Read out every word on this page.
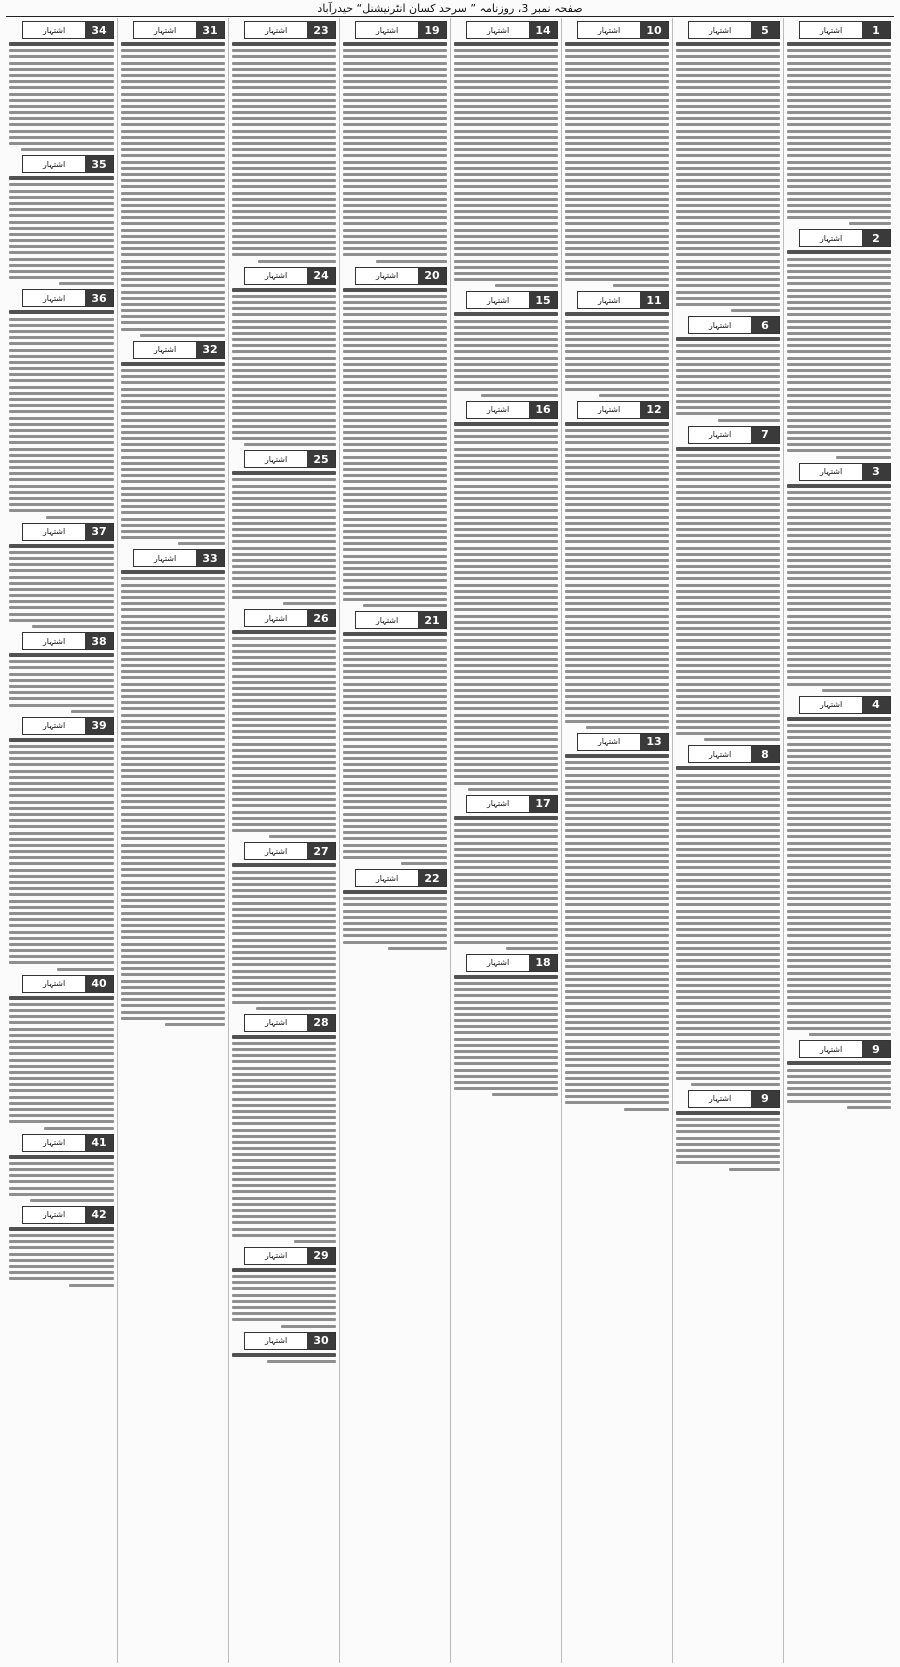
صفحہ نمبر 3، روزنامہ ” سرحد کسان انٹرنیشنل“ حیدرآباد
1
اشتہار
2
اشتہار
3
اشتہار
4
اشتہار
9
اشتہار
5
اشتہار
6
اشتہار
7
اشتہار
8
اشتہار
9
اشتہار
10
اشتہار
11
اشتہار
12
اشتہار
13
اشتہار
14
اشتہار
15
اشتہار
16
اشتہار
17
اشتہار
18
اشتہار
19
اشتہار
20
اشتہار
21
اشتہار
22
اشتہار
23
اشتہار
24
اشتہار
25
اشتہار
26
اشتہار
27
اشتہار
28
اشتہار
29
اشتہار
30
اشتہار
31
اشتہار
32
اشتہار
33
اشتہار
34
اشتہار
35
اشتہار
36
اشتہار
37
اشتہار
38
اشتہار
39
اشتہار
40
اشتہار
41
اشتہار
42
اشتہار
